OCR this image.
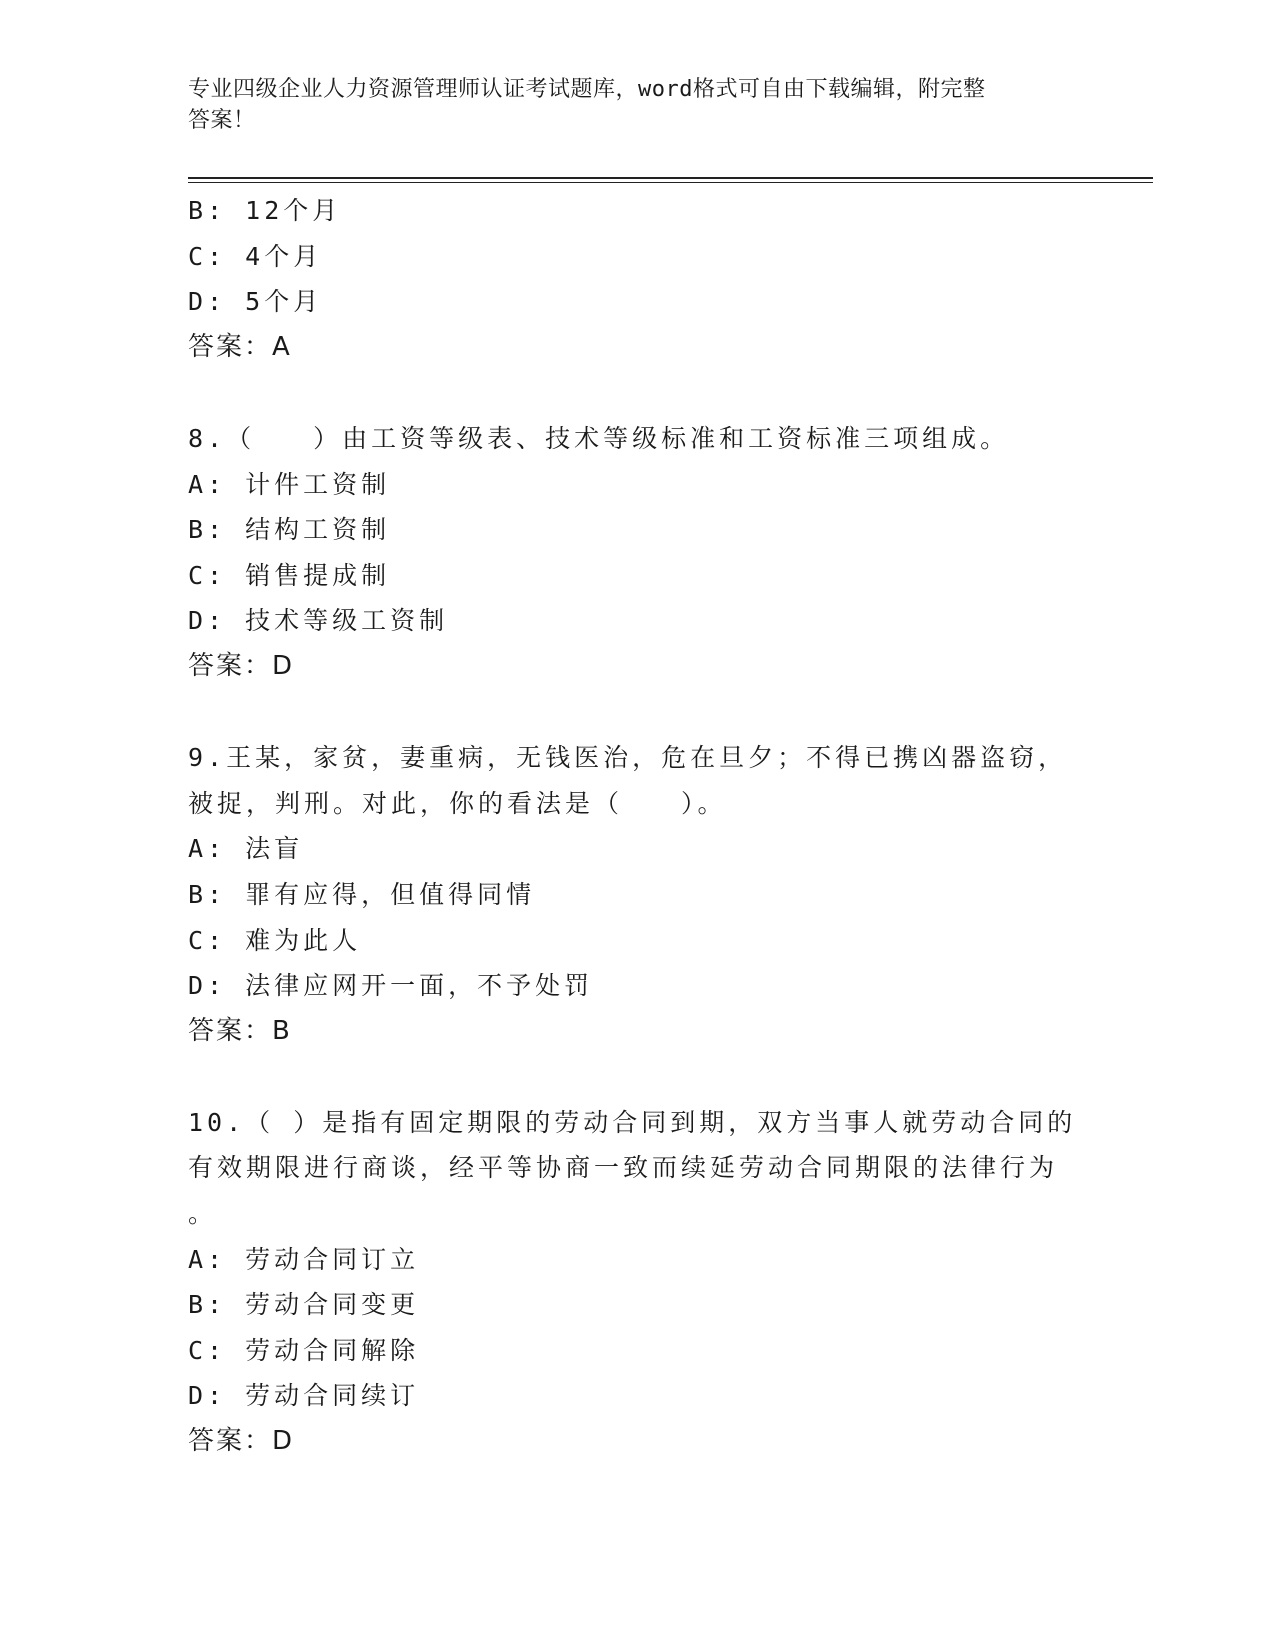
专业四级企业人力资源管理师认证考试题库，word格式可自由下载编辑，附完整
答案！

B: 12个月

C: 4个月

D: 5个月

答案：A

8.（　　）由工资等级表、技术等级标准和工资标准三项组成。

A: 计件工资制

B: 结构工资制

C: 销售提成制

D: 技术等级工资制

答案：D

9.王某，家贫，妻重病，无钱医治，危在旦夕；不得已携凶器盗窃，

被捉，判刑。对此，你的看法是（　　）。

A: 法盲

B: 罪有应得，但值得同情

C: 难为此人

D: 法律应网开一面，不予处罚

答案：B

10.（ ）是指有固定期限的劳动合同到期，双方当事人就劳动合同的

有效期限进行商谈，经平等协商一致而续延劳动合同期限的法律行为

。

A: 劳动合同订立

B: 劳动合同变更

C: 劳动合同解除

D: 劳动合同续订

答案：D
